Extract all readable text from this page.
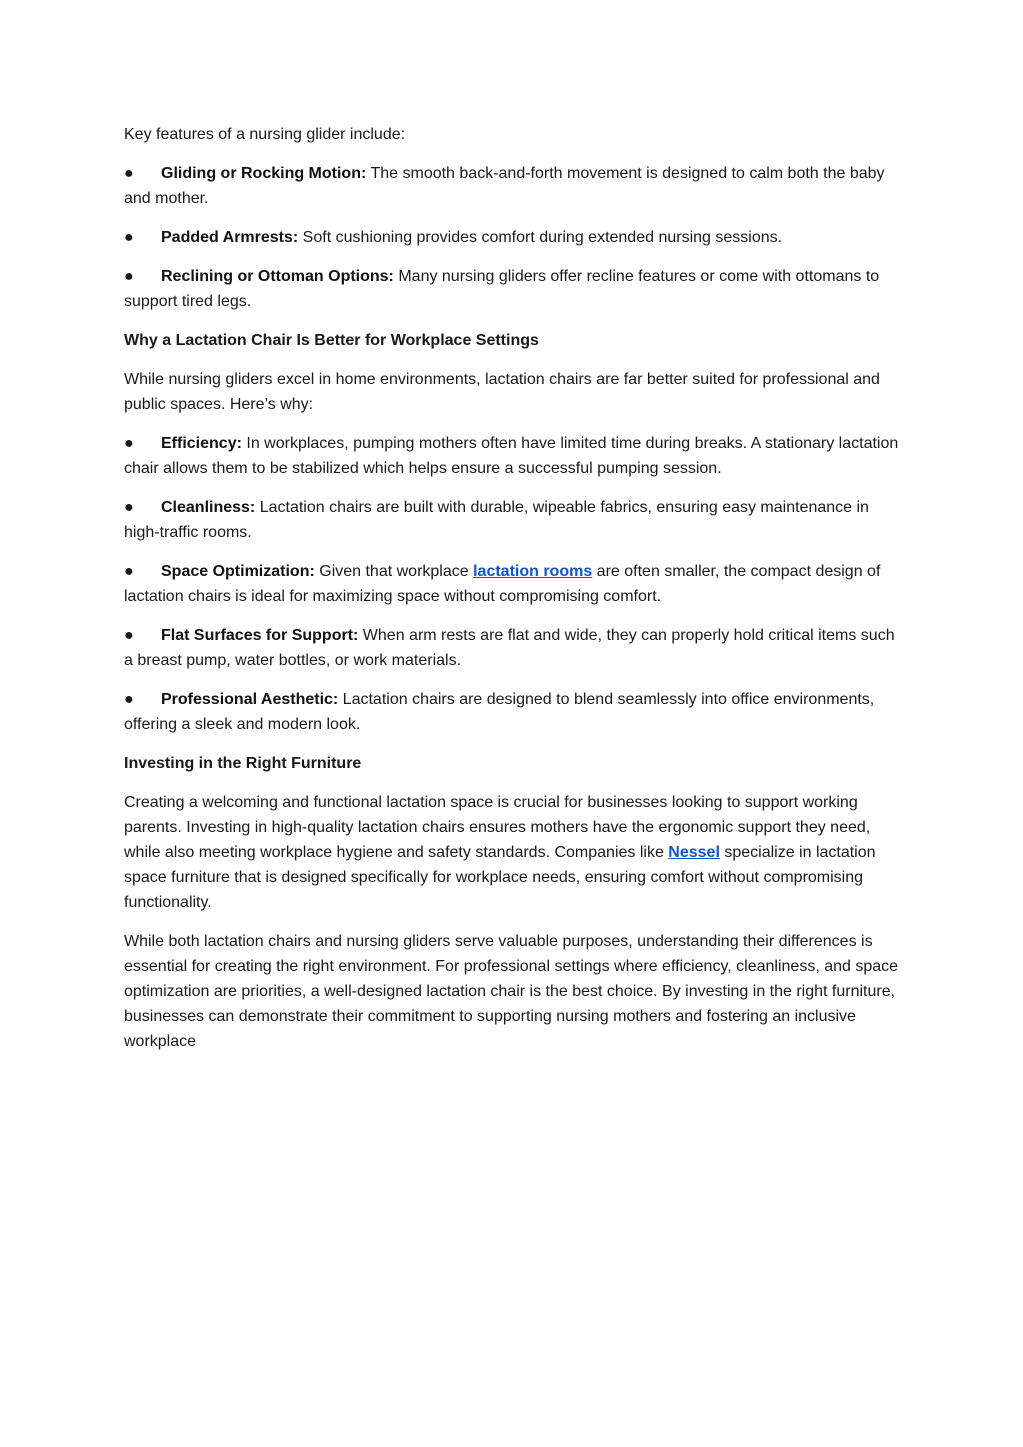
Key features of a nursing glider include:

● Gliding or Rocking Motion: The smooth back-and-forth movement is designed to calm both the baby and mother.
● Padded Armrests: Soft cushioning provides comfort during extended nursing sessions.
● Reclining or Ottoman Options: Many nursing gliders offer recline features or come with ottomans to support tired legs.
Why a Lactation Chair Is Better for Workplace Settings

While nursing gliders excel in home environments, lactation chairs are far better suited for professional and public spaces. Here’s why:

● Efficiency: In workplaces, pumping mothers often have limited time during breaks. A stationary lactation chair allows them to be stabilized which helps ensure a successful pumping session.
● Cleanliness: Lactation chairs are built with durable, wipeable fabrics, ensuring easy maintenance in high-traffic rooms.
● Space Optimization: Given that workplace lactation rooms are often smaller, the compact design of lactation chairs is ideal for maximizing space without compromising comfort.
● Flat Surfaces for Support: When arm rests are flat and wide, they can properly hold critical items such a breast pump, water bottles, or work materials.
● Professional Aesthetic: Lactation chairs are designed to blend seamlessly into office environments, offering a sleek and modern look.
Investing in the Right Furniture

Creating a welcoming and functional lactation space is crucial for businesses looking to support working parents. Investing in high-quality lactation chairs ensures mothers have the ergonomic support they need, while also meeting workplace hygiene and safety standards. Companies like Nessel specialize in lactation space furniture that is designed specifically for workplace needs, ensuring comfort without compromising functionality.

While both lactation chairs and nursing gliders serve valuable purposes, understanding their differences is essential for creating the right environment. For professional settings where efficiency, cleanliness, and space optimization are priorities, a well-designed lactation chair is the best choice. By investing in the right furniture, businesses can demonstrate their commitment to supporting nursing mothers and fostering an inclusive workplace
